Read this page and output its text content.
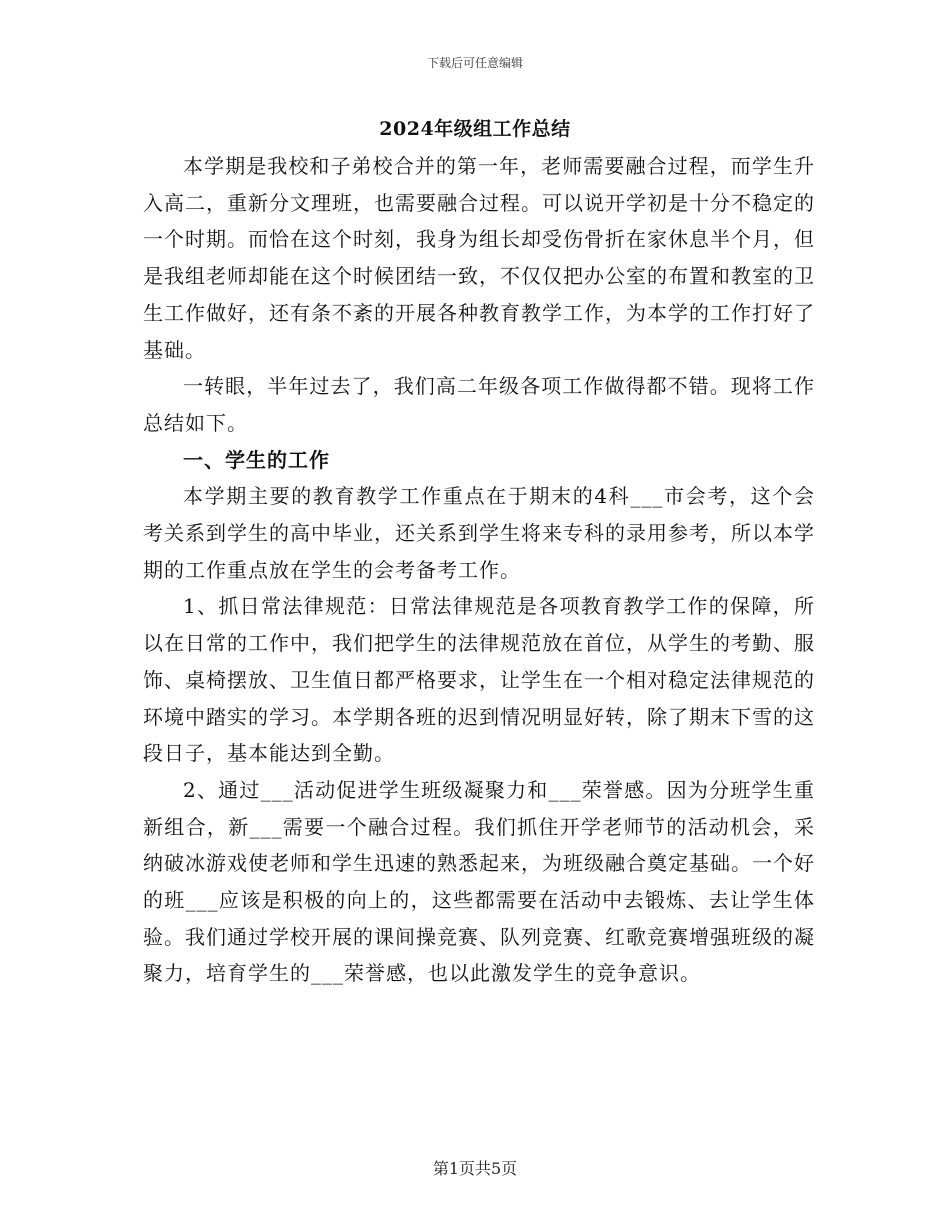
下载后可任意编辑
2024年级组工作总结

本学期是我校和子弟校合并的第一年，老师需要融合过程，而学生升入高二，重新分文理班，也需要融合过程。可以说开学初是十分不稳定的一个时期。而恰在这个时刻，我身为组长却受伤骨折在家休息半个月，但是我组老师却能在这个时候团结一致，不仅仅把办公室的布置和教室的卫生工作做好，还有条不紊的开展各种教育教学工作，为本学的工作打好了基础。

一转眼，半年过去了，我们高二年级各项工作做得都不错。现将工作总结如下。

一、学生的工作

本学期主要的教育教学工作重点在于期末的4科___市会考，这个会考关系到学生的高中毕业，还关系到学生将来专科的录用参考，所以本学期的工作重点放在学生的会考备考工作。

1、抓日常法律规范：日常法律规范是各项教育教学工作的保障，所以在日常的工作中，我们把学生的法律规范放在首位，从学生的考勤、服饰、桌椅摆放、卫生值日都严格要求，让学生在一个相对稳定法律规范的环境中踏实的学习。本学期各班的迟到情况明显好转，除了期末下雪的这段日子，基本能达到全勤。

2、通过___活动促进学生班级凝聚力和___荣誉感。因为分班学生重新组合，新___需要一个融合过程。我们抓住开学老师节的活动机会，采纳破冰游戏使老师和学生迅速的熟悉起来，为班级融合奠定基础。一个好的班___应该是积极的向上的，这些都需要在活动中去锻炼、去让学生体验。我们通过学校开展的课间操竞赛、队列竞赛、红歌竞赛增强班级的凝聚力，培育学生的___荣誉感，也以此激发学生的竞争意识。

第1页共5页
